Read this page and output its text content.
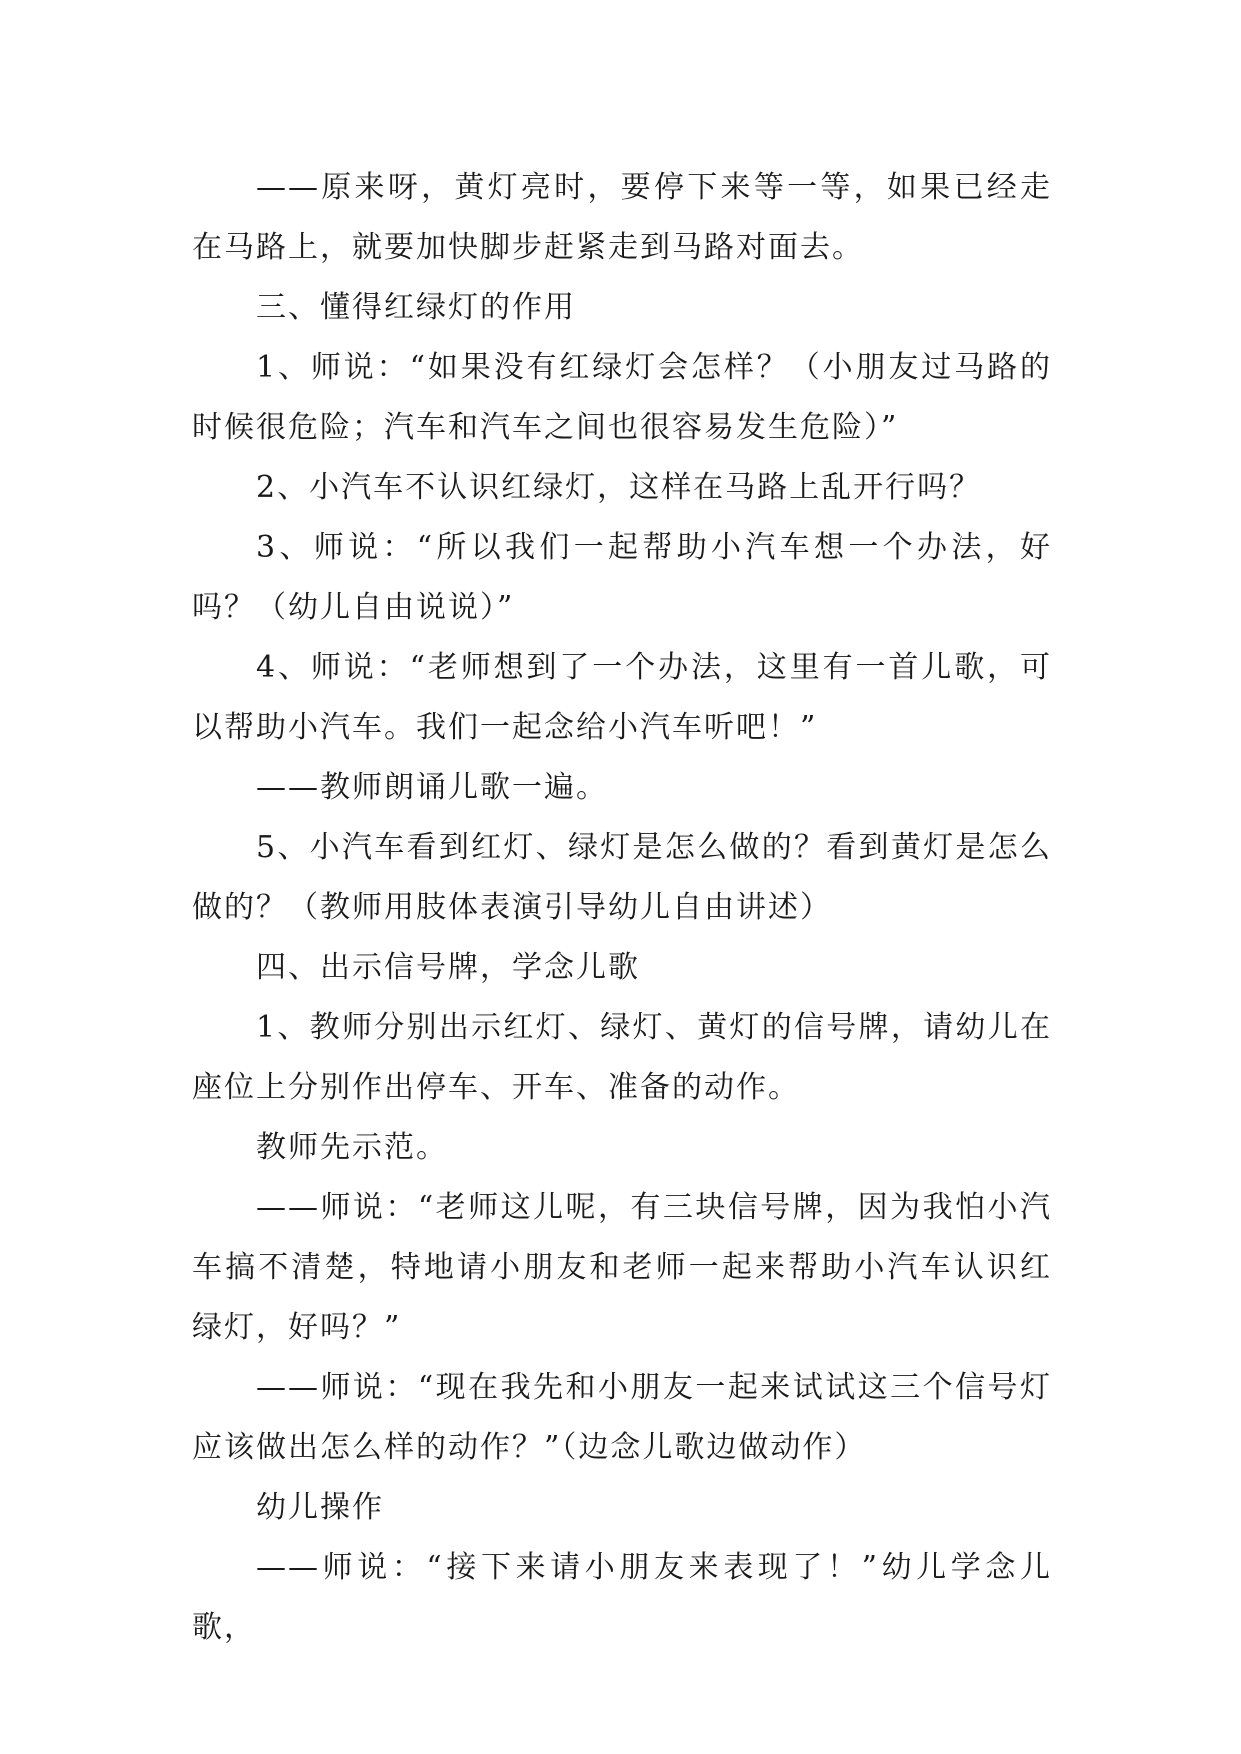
——原来呀，黄灯亮时，要停下来等一等，如果已经走在马路上，就要加快脚步赶紧走到马路对面去。

三、懂得红绿灯的作用

1、师说：“如果没有红绿灯会怎样？（小朋友过马路的时候很危险；汽车和汽车之间也很容易发生危险）”

2、小汽车不认识红绿灯，这样在马路上乱开行吗？

3、师说：“所以我们一起帮助小汽车想一个办法，好吗？（幼儿自由说说）”

4、师说：“老师想到了一个办法，这里有一首儿歌，可以帮助小汽车。我们一起念给小汽车听吧！”

——教师朗诵儿歌一遍。

5、小汽车看到红灯、绿灯是怎么做的？看到黄灯是怎么做的？（教师用肢体表演引导幼儿自由讲述）

四、出示信号牌，学念儿歌

1、教师分别出示红灯、绿灯、黄灯的信号牌，请幼儿在座位上分别作出停车、开车、准备的动作。

教师先示范。

——师说：“老师这儿呢，有三块信号牌，因为我怕小汽车搞不清楚，特地请小朋友和老师一起来帮助小汽车认识红绿灯，好吗？”

——师说：“现在我先和小朋友一起来试试这三个信号灯应该做出怎么样的动作？”（边念儿歌边做动作）

幼儿操作

——师说：“接下来请小朋友来表现了！”幼儿学念儿歌，
